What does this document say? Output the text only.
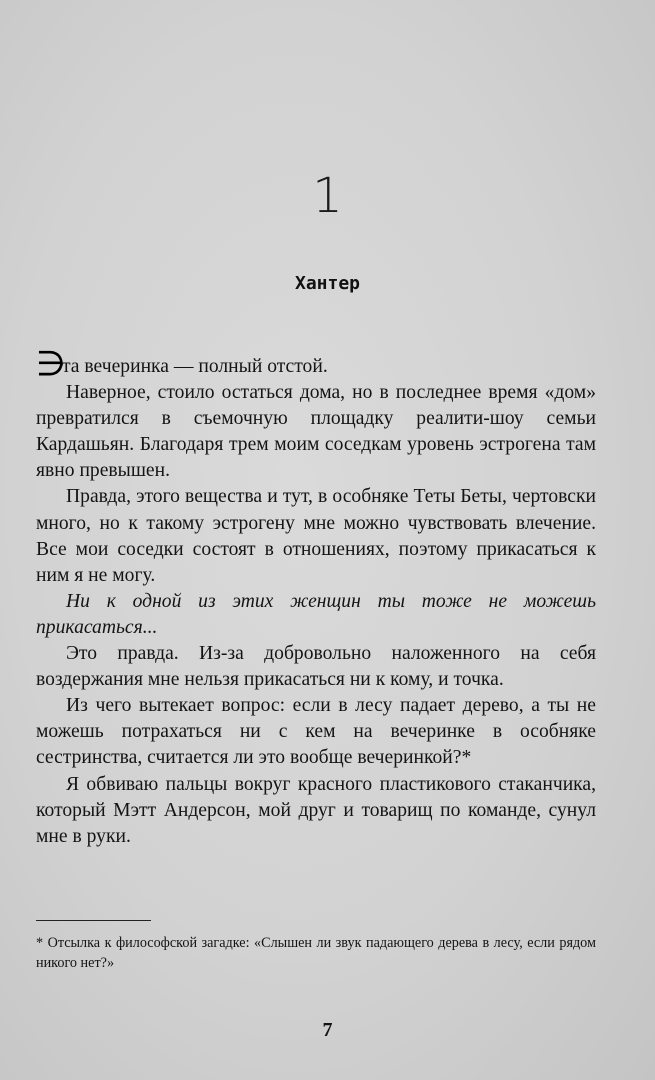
1
Хантер

∋та вечеринка — полный отстой.

Наверное, стоило остаться дома, но в последнее время «дом» превратился в съемочную площадку реалити-шоу семьи Кардашьян. Благодаря трем моим соседкам уровень эстрогена там явно превышен.

Правда, этого вещества и тут, в особняке Теты Беты, чертовски много, но к такому эстрогену мне можно чувствовать влечение. Все мои соседки состоят в отношениях, поэтому прикасаться к ним я не могу.

Ни к одной из этих женщин ты тоже не можешь прикасаться...

Это правда. Из-за добровольно наложенного на себя воздержания мне нельзя прикасаться ни к кому, и точка.

Из чего вытекает вопрос: если в лесу падает дерево, а ты не можешь потрахаться ни с кем на вечеринке в особняке сестринства, считается ли это вообще вечеринкой?*

Я обвиваю пальцы вокруг красного пластикового стаканчика, который Мэтт Андерсон, мой друг и товарищ по команде, сунул мне в руки.

* Отсылка к философской загадке: «Слышен ли звук падающего дерева в лесу, если рядом никого нет?»
7
